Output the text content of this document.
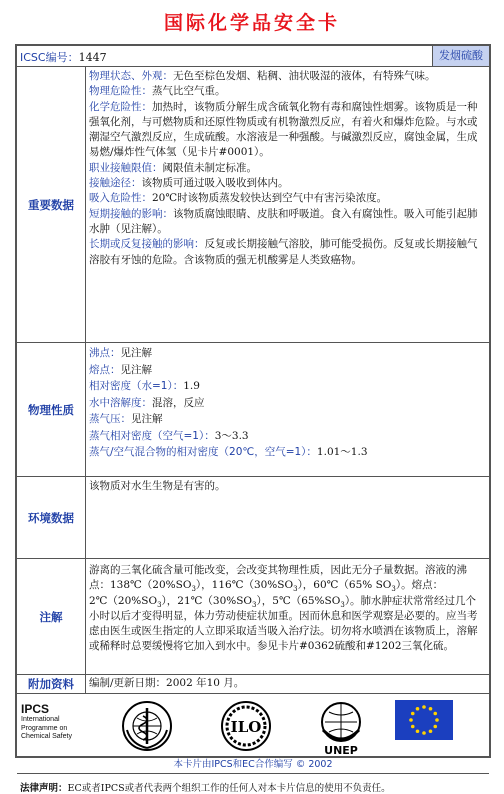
国际化学品安全卡
ICSC编号：1447	发烟硫酸
重要数据

物理状态、外观：无色至棕色发烟、粘稠、油状吸湿的液体，有特殊气味。

物理危险性：蒸气比空气重。

化学危险性：加热时，该物质分解生成含硫氧化物有毒和腐蚀性烟雾。该物质是一种强氧化剂，与可燃物质和还原性物质或有机物激烈反应，有着火和爆炸危险。与水或潮湿空气激烈反应，生成硫酸。水溶液是一种强酸。与碱激烈反应，腐蚀金属，生成易燃/爆炸性气体氢（见卡片#0001）。

职业接触限值：阈限值未制定标准。

接触途径：该物质可通过吸入吸收到体内。

吸入危险性：20℃时该物质蒸发较快达到空气中有害污染浓度。

短期接触的影响：该物质腐蚀眼睛、皮肤和呼吸道。食入有腐蚀性。吸入可能引起肺水肿（见注解）。

长期或反复接触的影响：反复或长期接触气溶胶，肺可能受损伤。反复或长期接触气溶胶有牙蚀的危险。含该物质的强无机酸雾是人类致癌物。

物理性质

沸点：见注解

熔点：见注解

相对密度（水=1）：1.9

水中溶解度：混溶，反应

蒸气压：见注解

蒸气相对密度（空气=1）：3～3.3

蒸气/空气混合物的相对密度（20℃，空气=1）：1.01～1.3

环境数据
该物质对水生生物是有害的。
注解
游离的三氧化硫含量可能改变，会改变其物理性质，因此无分子量数据。溶液的沸点：$138℃(20\%SO_3)$，$116℃(30\%SO_3)$，60℃（65% $SO_3$）。熔点：$2℃(20\%SO_3)$，$21℃(30\%SO_3)$，$5℃(65\%SO_3)$。肺水肿症状常常经过几个小时以后才变得明显，体力劳动使症状加重。因而休息和医学观察是必要的。应当考虑由医生或医生指定的人立即采取适当吸入治疗法。切勿将水喷洒在该物质上，溶解或稀释时总要缓慢将它加入到水中。参见卡片#0362硫酸和#1202三氧化硫。
附加资料	编制/更新日期：2002 年10 月。
IPCS
International
Programme on
Chemical Safety
ILO
UNEP
本卡片由IPCS和EC合作编写 © 2002
法律声明：EC或者IPCS或者代表两个组织工作的任何人对本卡片信息的使用不负责任。
